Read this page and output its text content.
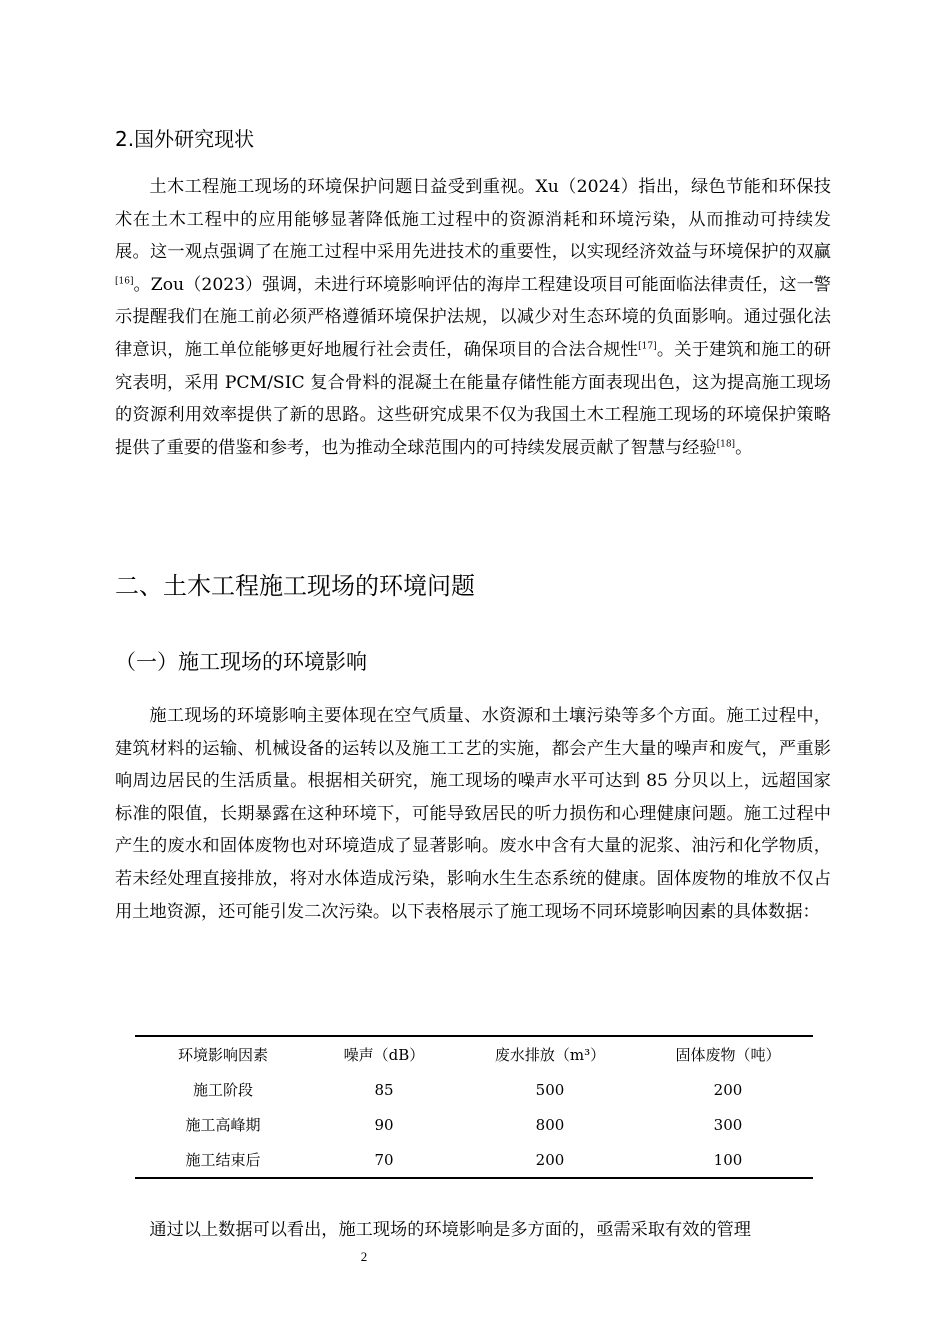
2.国外研究现状

土木工程施工现场的环境保护问题日益受到重视。Xu（2024）指出，绿色节能和环保技术在土木工程中的应用能够显著降低施工过程中的资源消耗和环境污染，从而推动可持续发展。这一观点强调了在施工过程中采用先进技术的重要性，以实现经济效益与环境保护的双赢[16]。Zou（2023）强调，未进行环境影响评估的海岸工程建设项目可能面临法律责任，这一警示提醒我们在施工前必须严格遵循环境保护法规，以减少对生态环境的负面影响。通过强化法律意识，施工单位能够更好地履行社会责任，确保项目的合法合规性[17]。关于建筑和施工的研究表明，采用 PCM/SIC 复合骨料的混凝土在能量存储性能方面表现出色，这为提高施工现场的资源利用效率提供了新的思路。这些研究成果不仅为我国土木工程施工现场的环境保护策略提供了重要的借鉴和参考，也为推动全球范围内的可持续发展贡献了智慧与经验[18]。

二、土木工程施工现场的环境问题
（一）施工现场的环境影响

施工现场的环境影响主要体现在空气质量、水资源和土壤污染等多个方面。施工过程中，建筑材料的运输、机械设备的运转以及施工工艺的实施，都会产生大量的噪声和废气，严重影响周边居民的生活质量。根据相关研究，施工现场的噪声水平可达到 85 分贝以上，远超国家标准的限值，长期暴露在这种环境下，可能导致居民的听力损伤和心理健康问题。施工过程中产生的废水和固体废物也对环境造成了显著影响。废水中含有大量的泥浆、油污和化学物质，若未经处理直接排放，将对水体造成污染，影响水生生态系统的健康。固体废物的堆放不仅占用土地资源，还可能引发二次污染。以下表格展示了施工现场不同环境影响因素的具体数据：

环境影响因素	噪声（dB）	废水排放（m³）	固体废物（吨）
施工阶段	85	500	200
施工高峰期	90	800	300
施工结束后	70	200	100

通过以上数据可以看出，施工现场的环境影响是多方面的，亟需采取有效的管理

2
